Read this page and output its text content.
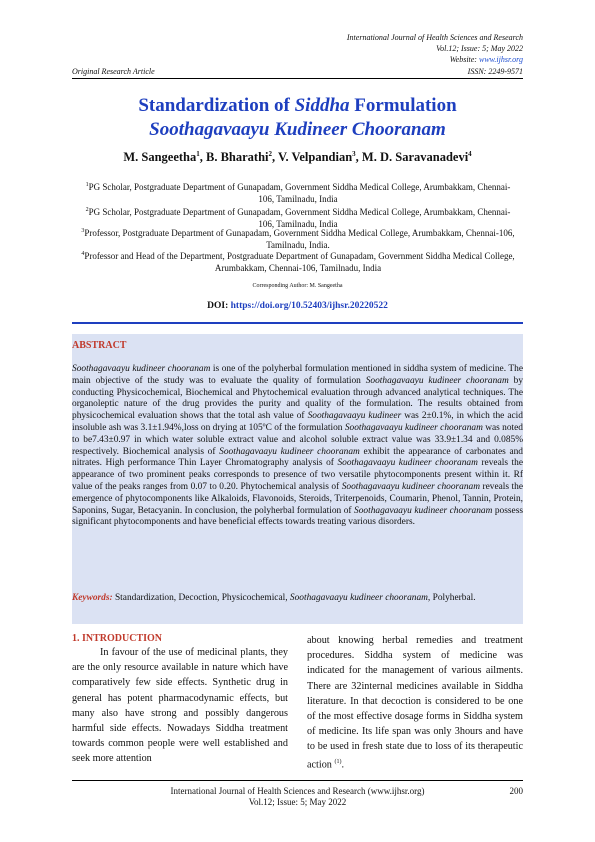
International Journal of Health Sciences and Research
Vol.12; Issue: 5; May 2022
Website: www.ijhsr.org
Original Research Article	ISSN: 2249-9571
Standardization of Siddha Formulation
Soothagavaayu Kudineer Chooranam
M. Sangeetha$^1$, B. Bharathi$^2$, V. Velpandian$^3$, M. D. Saravanadevi$^4$
$^1$PG Scholar, Postgraduate Department of Gunapadam, Government Siddha Medical College, Arumbakkam, Chennai-106, Tamilnadu, India
$^2$PG Scholar, Postgraduate Department of Gunapadam, Government Siddha Medical College, Arumbakkam, Chennai-106, Tamilnadu, India
$^3$Professor, Postgraduate Department of Gunapadam, Government Siddha Medical College, Arumbakkam, Chennai-106, Tamilnadu, India.
$^4$Professor and Head of the Department, Postgraduate Department of Gunapadam, Government Siddha Medical College, Arumbakkam, Chennai-106, Tamilnadu, India
Corresponding Author: M. Sangeetha
DOI: https://doi.org/10.52403/ijhsr.20220522
ABSTRACT
Soothagavaayu kudineer chooranam is one of the polyherbal formulation mentioned in siddha system of medicine. The main objective of the study was to evaluate the quality of formulation Soothagavaayu kudineer chooranam by conducting Physicochemical, Biochemical and Phytochemical evaluation through advanced analytical techniques. The organoleptic nature of the drug provides the purity and quality of the formulation. The results obtained from physicochemical evaluation shows that the total ash value of Soothagavaayu kudineer was 2±0.1%, in which the acid insoluble ash was 3.1±1.94%,loss on drying at 105ºC of the formulation Soothagavaayu kudineer chooranam was noted to be7.43±0.97 in which water soluble extract value and alcohol soluble extract value was 33.9±1.34 and 0.085% respectively. Biochemical analysis of Soothagavaayu kudineer chooranam exhibit the appearance of carbonates and nitrates. High performance Thin Layer Chromatography analysis of Soothagavaayu kudineer chooranam reveals the appearance of two prominent peaks corresponds to presence of two versatile phytocomponents present within it. Rf value of the peaks ranges from 0.07 to 0.20. Phytochemical analysis of Soothagavaayu kudineer chooranam reveals the emergence of phytocomponents like Alkaloids, Flavonoids, Steroids, Triterpenoids, Coumarin, Phenol, Tannin, Protein, Saponins, Sugar, Betacyanin. In conclusion, the polyherbal formulation of Soothagavaayu kudineer chooranam possess significant phytocomponents and have beneficial effects towards treating various disorders.
Keywords: Standardization, Decoction, Physicochemical, Soothagavaayu kudineer chooranam, Polyherbal.
1. INTRODUCTION
In favour of the use of medicinal plants, they are the only resource available in nature which have comparatively few side effects. Synthetic drug in general has potent pharmacodynamic effects, but many also have strong and possibly dangerous harmful side effects. Nowadays Siddha treatment towards common people were well established and seek more attention
about knowing herbal remedies and treatment procedures. Siddha system of medicine was indicated for the management of various ailments. There are 32internal medicines available in Siddha literature. In that decoction is considered to be one of the most effective dosage forms in Siddha system of medicine. Its life span was only 3hours and have to be used in fresh state due to loss of its therapeutic action $^{(1)}$.
International Journal of Health Sciences and Research (www.ijhsr.org)
Vol.12; Issue: 5; May 2022
200
